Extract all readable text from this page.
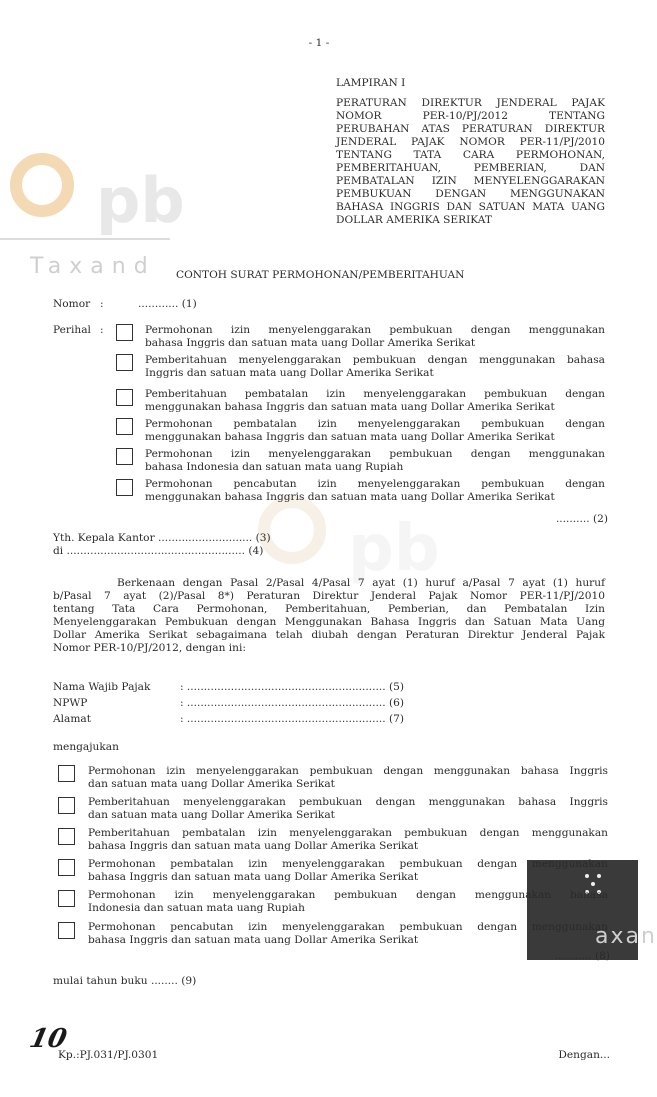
pb
Taxand
pb
axan
- 1 -
LAMPIRAN I
PERATURAN DIREKTUR JENDERAL PAJAK
NOMOR PER-10/PJ/2012 TENTANG
PERUBAHAN ATAS PERATURAN DIREKTUR
JENDERAL PAJAK NOMOR PER-11/PJ/2010
TENTANG TATA CARA PERMOHONAN,
PEMBERITAHUAN, PEMBERIAN, DAN
PEMBATALAN IZIN MENYELENGGARAKAN
PEMBUKUAN DENGAN MENGGUNAKAN
BAHASA INGGRIS DAN SATUAN MATA UANG
DOLLAR AMERIKA SERIKAT
CONTOH SURAT PERMOHONAN/PEMBERITAHUAN
Nomor :	............ (1)
Perihal :	Permohonan izin menyelenggarakan pembukuan dengan menggunakan
bahasa Inggris dan satuan mata uang Dollar Amerika Serikat
Pemberitahuan menyelenggarakan pembukuan dengan menggunakan bahasa
Inggris dan satuan mata uang Dollar Amerika Serikat
Pemberitahuan pembatalan izin menyelenggarakan pembukuan dengan
menggunakan bahasa Inggris dan satuan mata uang Dollar Amerika Serikat
Permohonan pembatalan izin menyelenggarakan pembukuan dengan
menggunakan bahasa Inggris dan satuan mata uang Dollar Amerika Serikat
Permohonan izin menyelenggarakan pembukuan dengan menggunakan
bahasa Indonesia dan satuan mata uang Rupiah
Permohonan pencabutan izin menyelenggarakan pembukuan dengan
menggunakan bahasa Inggris dan satuan mata uang Dollar Amerika Serikat
.......... (2)
Yth. Kepala Kantor ............................ (3)
di ..................................................... (4)
Berkenaan dengan Pasal 2/Pasal 4/Pasal 7 ayat (1) huruf a/Pasal 7 ayat (1) huruf
b/Pasal 7 ayat (2)/Pasal 8*) Peraturan Direktur Jenderal Pajak Nomor PER-11/PJ/2010
tentang Tata Cara Permohonan, Pemberitahuan, Pemberian, dan Pembatalan Izin
Menyelenggarakan Pembukuan dengan Menggunakan Bahasa Inggris dan Satuan Mata Uang
Dollar Amerika Serikat sebagaimana telah diubah dengan Peraturan Direktur Jenderal Pajak
Nomor PER-10/PJ/2012, dengan ini:
Nama Wajib Pajak	: ........................................................... (5)
NPWP	: ........................................................... (6)
Alamat	: ........................................................... (7)
mengajukan
Permohonan izin menyelenggarakan pembukuan dengan menggunakan bahasa Inggris
dan satuan mata uang Dollar Amerika Serikat
Pemberitahuan menyelenggarakan pembukuan dengan menggunakan bahasa Inggris
dan satuan mata uang Dollar Amerika Serikat
Pemberitahuan pembatalan izin menyelenggarakan pembukuan dengan menggunakan
bahasa Inggris dan satuan mata uang Dollar Amerika Serikat
Permohonan pembatalan izin menyelenggarakan pembukuan dengan menggunakan
bahasa Inggris dan satuan mata uang Dollar Amerika Serikat
Permohonan izin menyelenggarakan pembukuan dengan menggunakan bahasa
Indonesia dan satuan mata uang Rupiah
Permohonan pencabutan izin menyelenggarakan pembukuan dengan menggunakan
bahasa Inggris dan satuan mata uang Dollar Amerika Serikat
........... (8)
mulai tahun buku ........ (9)
10
Kp.:PJ.031/PJ.0301	Dengan...
